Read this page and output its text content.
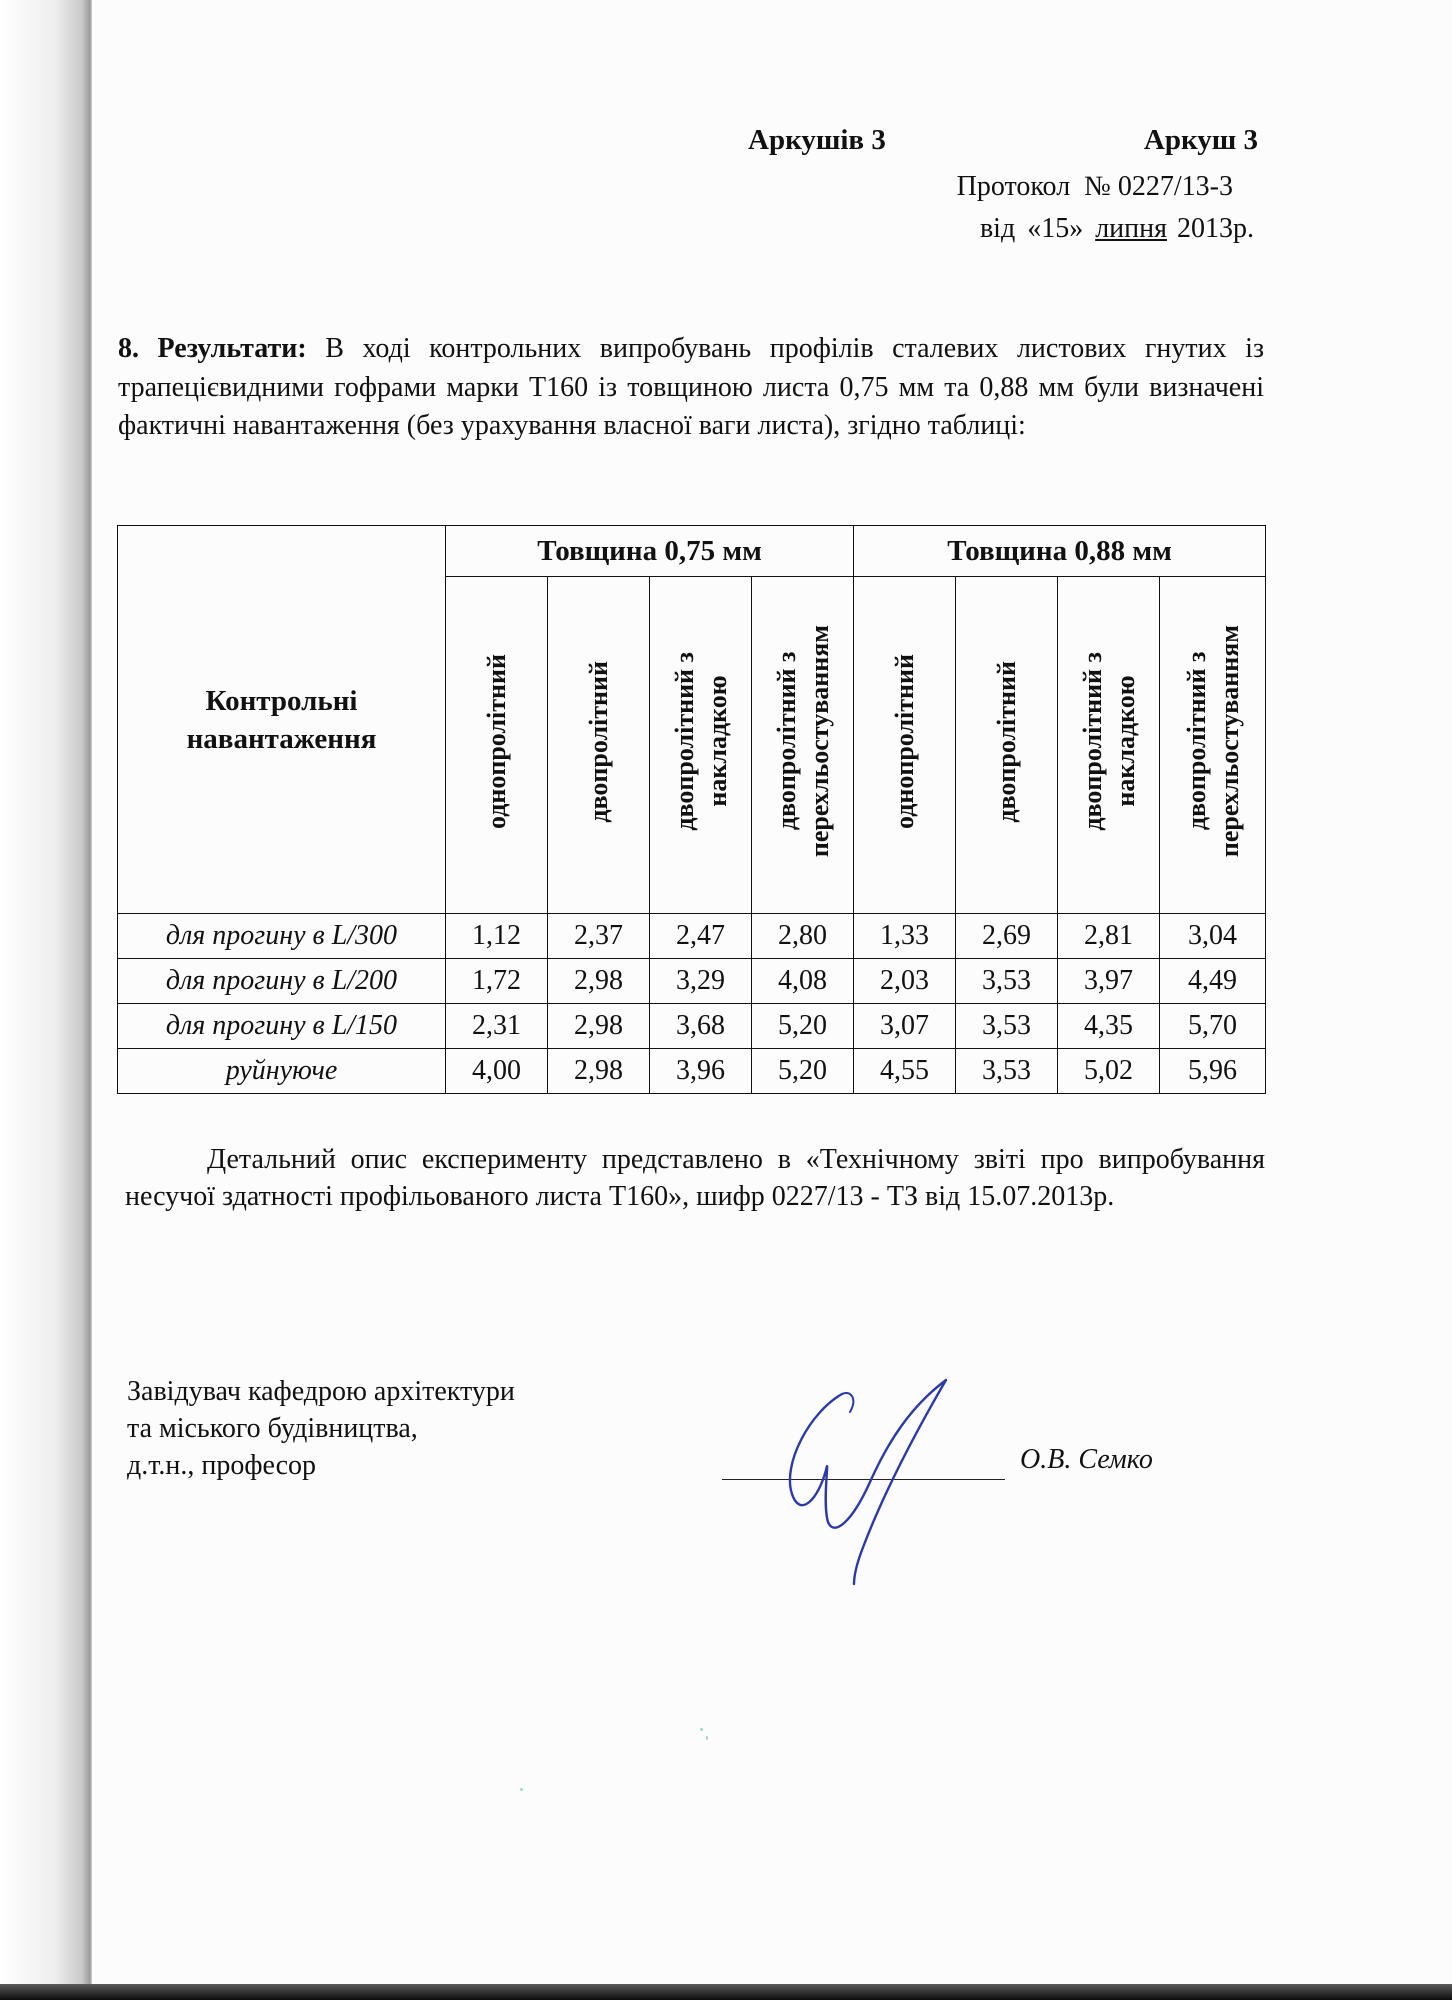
Аркушів 3	Аркуш 3
Протокол № 0227/13-3
від «15» липня 2013р.

8. Результати: В ході контрольних випробувань профілів сталевих листових гнутих із трапецієвидними гофрами марки Т160 із товщиною листа 0,75 мм та 0,88 мм були визначені фактичні навантаження (без урахування власної ваги листа), згідно таблиці:

Контрольні
навантаження	Товщина 0,75 мм				Товщина 0,88 мм			
	однопролітний	двопролітний	двопролітний з накладкою	двопролітний з перехльостуванням	однопролітний	двопролітний	двопролітний з накладкою	двопролітний з перехльостуванням
для прогину в L/300	1,12	2,37	2,47	2,80	1,33	2,69	2,81	3,04
для прогину в L/200	1,72	2,98	3,29	4,08	2,03	3,53	3,97	4,49
для прогину в L/150	2,31	2,98	3,68	5,20	3,07	3,53	4,35	5,70
руйнуюче	4,00	2,98	3,96	5,20	4,55	3,53	5,02	5,96

Детальний опис експерименту представлено в «Технічному звіті про випробування несучої здатності профільованого листа Т160», шифр 0227/13 - ТЗ від 15.07.2013р.

Завідувач кафедрою архітектури
та міського будівництва,
д.т.н., професор	О.В. Семко
